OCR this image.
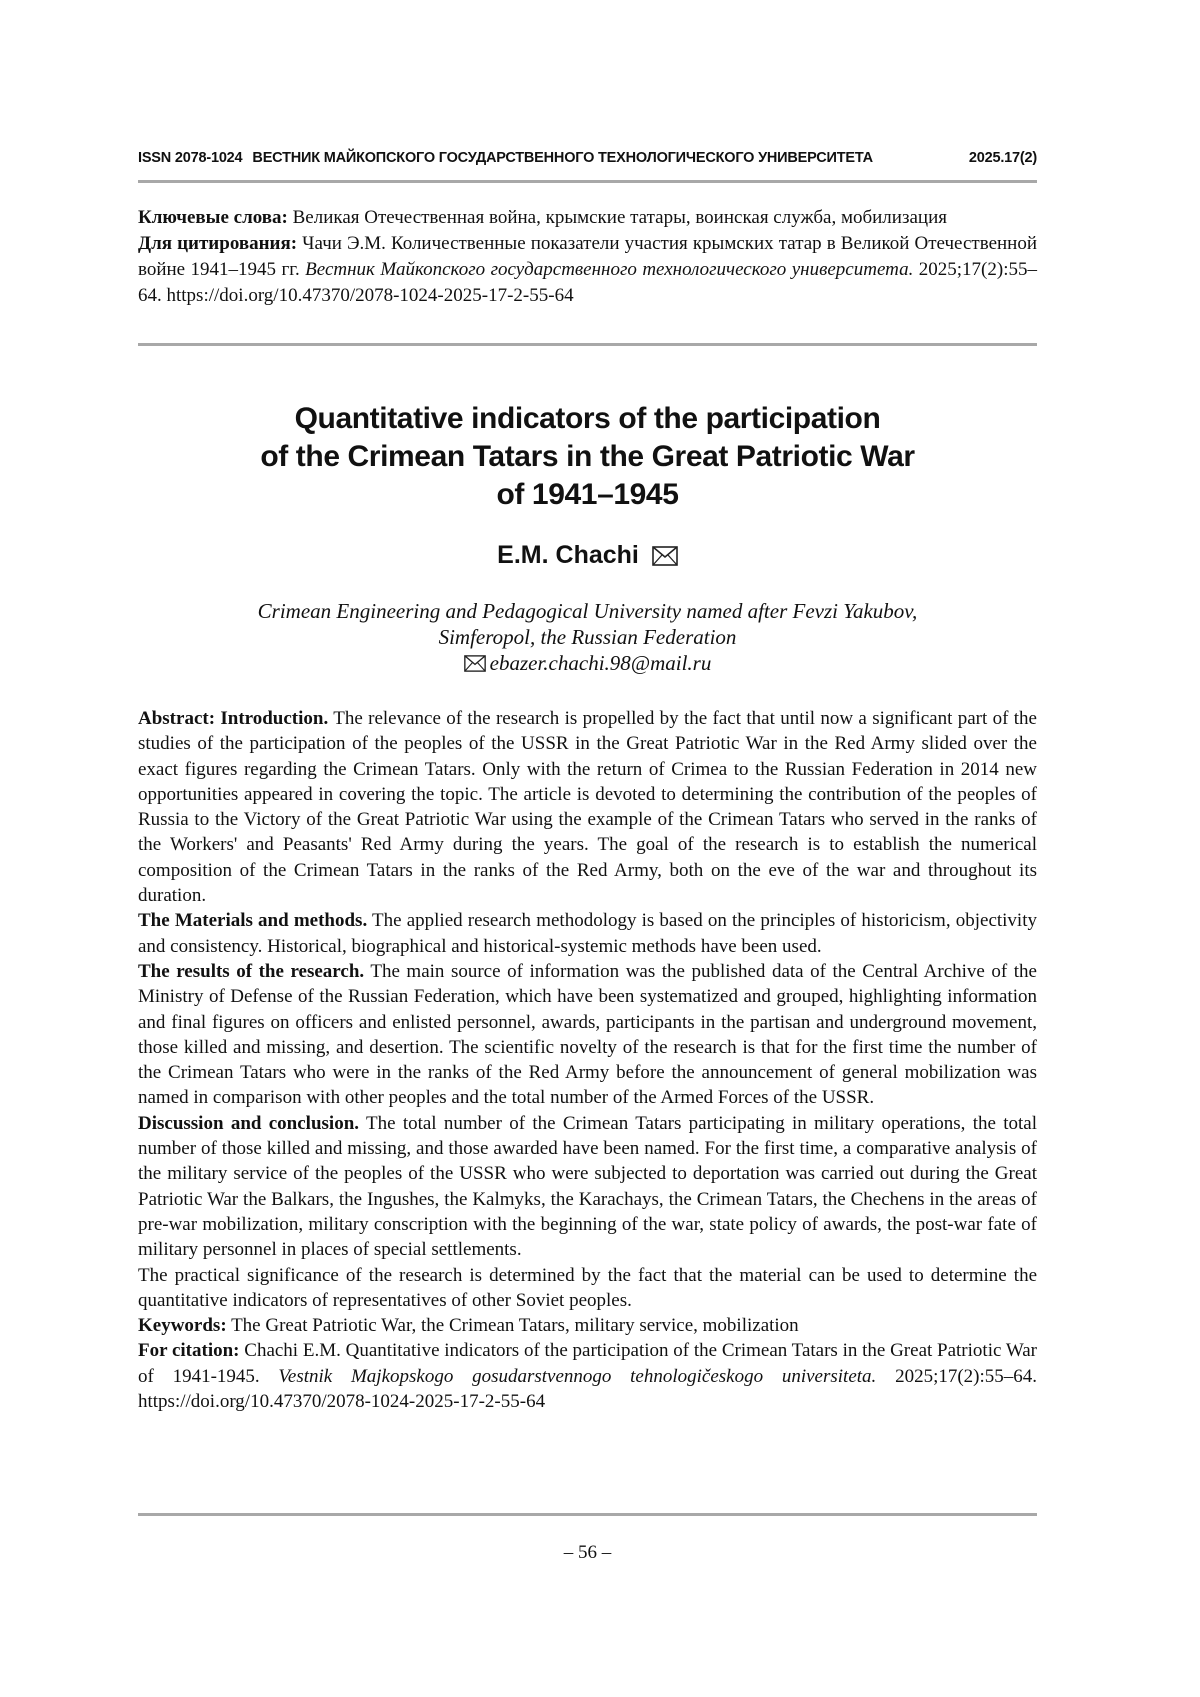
ISSN 2078-1024 ВЕСТНИК МАЙКОПСКОГО ГОСУДАРСТВЕННОГО ТЕХНОЛОГИЧЕСКОГО УНИВЕРСИТЕТА	2025.17(2)

Ключевые слова: Великая Отечественная война, крымские татары, воинская служба, мобилизация

Для цитирования: Чачи Э.М. Количественные показатели участия крымских татар в Великой Отечественной войне 1941–1945 гг. Вестник Майкопского государственного технологического университета. 2025;17(2):55–64. https://doi.org/10.47370/2078-1024-2025-17-2-55-64

Quantitative indicators of the participation
of the Crimean Tatars in the Great Patriotic War
of 1941–1945
E.M. Chachi
Crimean Engineering and Pedagogical University named after Fevzi Yakubov,
Simferopol, the Russian Federation
ebazer.chachi.98@mail.ru

Abstract: Introduction. The relevance of the research is propelled by the fact that until now a significant part of the studies of the participation of the peoples of the USSR in the Great Patriotic War in the Red Army slided over the exact figures regarding the Crimean Tatars. Only with the return of Crimea to the Russian Federation in 2014 new opportunities appeared in covering the topic. The article is devoted to determining the contribution of the peoples of Russia to the Victory of the Great Patriotic War using the example of the Crimean Tatars who served in the ranks of the Workers' and Peasants' Red Army during the years. The goal of the research is to establish the numerical composition of the Crimean Tatars in the ranks of the Red Army, both on the eve of the war and throughout its duration.

The Materials and methods. The applied research methodology is based on the principles of historicism, objectivity and consistency. Historical, biographical and historical-systemic methods have been used.

The results of the research. The main source of information was the published data of the Central Archive of the Ministry of Defense of the Russian Federation, which have been systematized and grouped, highlighting information and final figures on officers and enlisted personnel, awards, participants in the partisan and underground movement, those killed and missing, and desertion. The scientific novelty of the research is that for the first time the number of the Crimean Tatars who were in the ranks of the Red Army before the announcement of general mobilization was named in comparison with other peoples and the total number of the Armed Forces of the USSR.

Discussion and conclusion. The total number of the Crimean Tatars participating in military operations, the total number of those killed and missing, and those awarded have been named. For the first time, a comparative analysis of the military service of the peoples of the USSR who were subjected to deportation was carried out during the Great Patriotic War the Balkars, the Ingushes, the Kalmyks, the Karachays, the Crimean Tatars, the Chechens in the areas of pre-war mobilization, military conscription with the beginning of the war, state policy of awards, the post-war fate of military personnel in places of special settlements.

The practical significance of the research is determined by the fact that the material can be used to determine the quantitative indicators of representatives of other Soviet peoples.

Keywords: The Great Patriotic War, the Crimean Tatars, military service, mobilization

For citation: Chachi E.M. Quantitative indicators of the participation of the Crimean Tatars in the Great Patriotic War of 1941-1945. Vestnik Majkopskogo gosudarstvennogo tehnologičeskogo universiteta. 2025;17(2):55–64. https://doi.org/10.47370/2078-1024-2025-17-2-55-64

– 56 –
